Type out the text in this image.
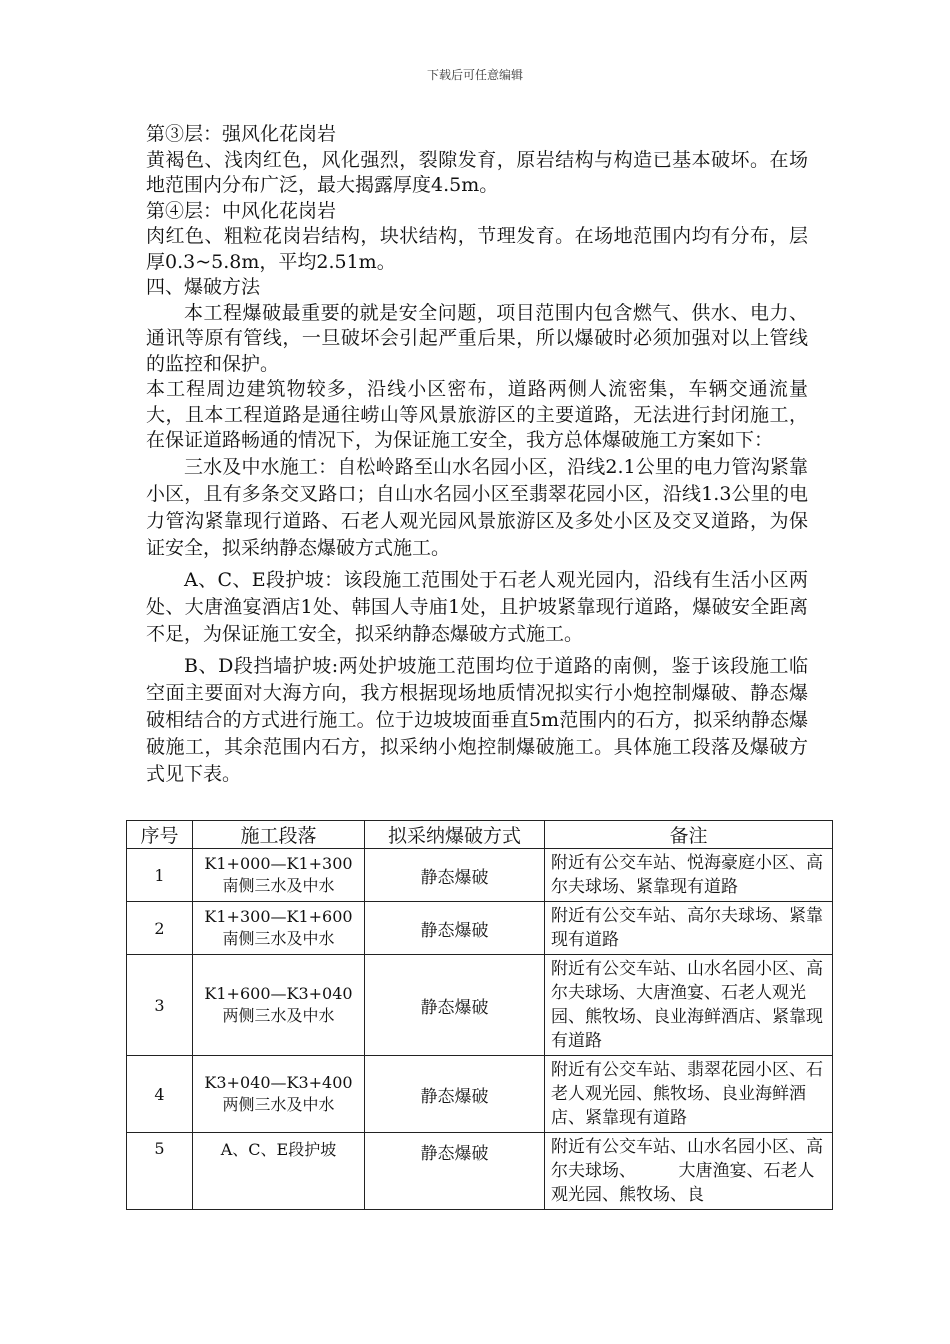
下载后可任意编辑

第③层：强风化花岗岩

黄褐色、浅肉红色，风化强烈，裂隙发育，原岩结构与构造已基本破坏。在场地范围内分布广泛，最大揭露厚度4.5m。

第④层：中风化花岗岩

肉红色、粗粒花岗岩结构，块状结构，节理发育。在场地范围内均有分布，层厚0.3~5.8m，平均2.51m。

四、爆破方法

本工程爆破最重要的就是安全问题，项目范围内包含燃气、供水、电力、通讯等原有管线，一旦破坏会引起严重后果，所以爆破时必须加强对以上管线的监控和保护。

本工程周边建筑物较多，沿线小区密布，道路两侧人流密集，车辆交通流量大，且本工程道路是通往崂山等风景旅游区的主要道路，无法进行封闭施工，在保证道路畅通的情况下，为保证施工安全，我方总体爆破施工方案如下：

三水及中水施工：自松岭路至山水名园小区，沿线2.1公里的电力管沟紧靠小区，且有多条交叉路口；自山水名园小区至翡翠花园小区，沿线1.3公里的电力管沟紧靠现行道路、石老人观光园风景旅游区及多处小区及交叉道路，为保证安全，拟采纳静态爆破方式施工。

A、C、E段护坡：该段施工范围处于石老人观光园内，沿线有生活小区两处、大唐渔宴酒店1处、韩国人寺庙1处，且护坡紧靠现行道路，爆破安全距离不足，为保证施工安全，拟采纳静态爆破方式施工。

B、D段挡墙护坡:两处护坡施工范围均位于道路的南侧，鉴于该段施工临空面主要面对大海方向，我方根据现场地质情况拟实行小炮控制爆破、静态爆破相结合的方式进行施工。位于边坡坡面垂直5m范围内的石方，拟采纳静态爆破施工，其余范围内石方，拟采纳小炮控制爆破施工。具体施工段落及爆破方式见下表。

序号	施工段落	拟采纳爆破方式	备注
1	K1+000—K1+300
南侧三水及中水	静态爆破	附近有公交车站、悦海豪庭小区、高尔夫球场、紧靠现有道路
2	K1+300—K1+600
南侧三水及中水	静态爆破	附近有公交车站、高尔夫球场、紧靠现有道路
3	K1+600—K3+040
两侧三水及中水	静态爆破	附近有公交车站、山水名园小区、高尔夫球场、大唐渔宴、石老人观光园、熊牧场、良业海鲜酒店、紧靠现有道路
4	K3+040—K3+400
两侧三水及中水	静态爆破	附近有公交车站、翡翠花园小区、石老人观光园、熊牧场、良业海鲜酒店、紧靠现有道路
5	A、C、E段护坡	静态爆破	附近有公交车站、山水名园小区、高尔夫球场、　　　大唐渔宴、石老人观光园、熊牧场、良
